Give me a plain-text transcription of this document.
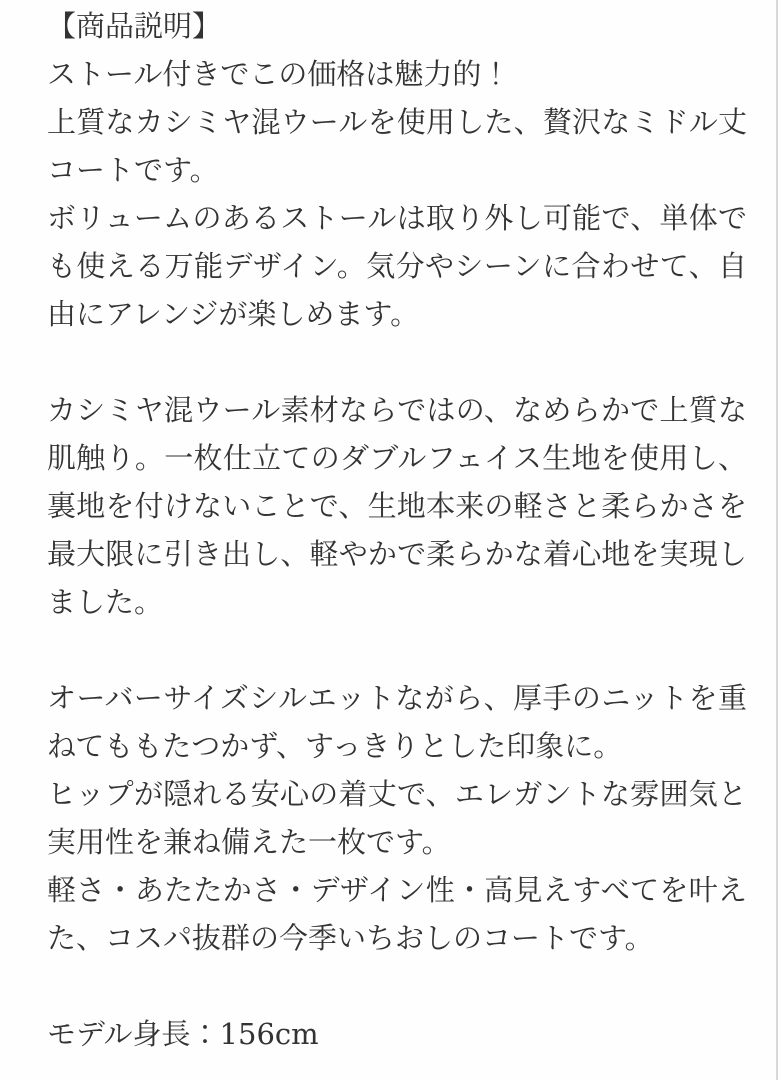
【商品説明】

ストール付きでこの価格は魅力的！

上質なカシミヤ混ウールを使用した、贅沢なミドル丈コートです。

ボリュームのあるストールは取り外し可能で、単体でも使える万能デザイン。気分やシーンに合わせて、自由にアレンジが楽しめます。

カシミヤ混ウール素材ならではの、なめらかで上質な肌触り。一枚仕立てのダブルフェイス生地を使用し、裏地を付けないことで、生地本来の軽さと柔らかさを最大限に引き出し、軽やかで柔らかな着心地を実現しました。

オーバーサイズシルエットながら、厚手のニットを重ねてももたつかず、すっきりとした印象に。

ヒップが隠れる安心の着丈で、エレガントな雰囲気と実用性を兼ね備えた一枚です。

軽さ・あたたかさ・デザイン性・高見えすべてを叶えた、コスパ抜群の今季いちおしのコートです。

モデル身長：156cm
